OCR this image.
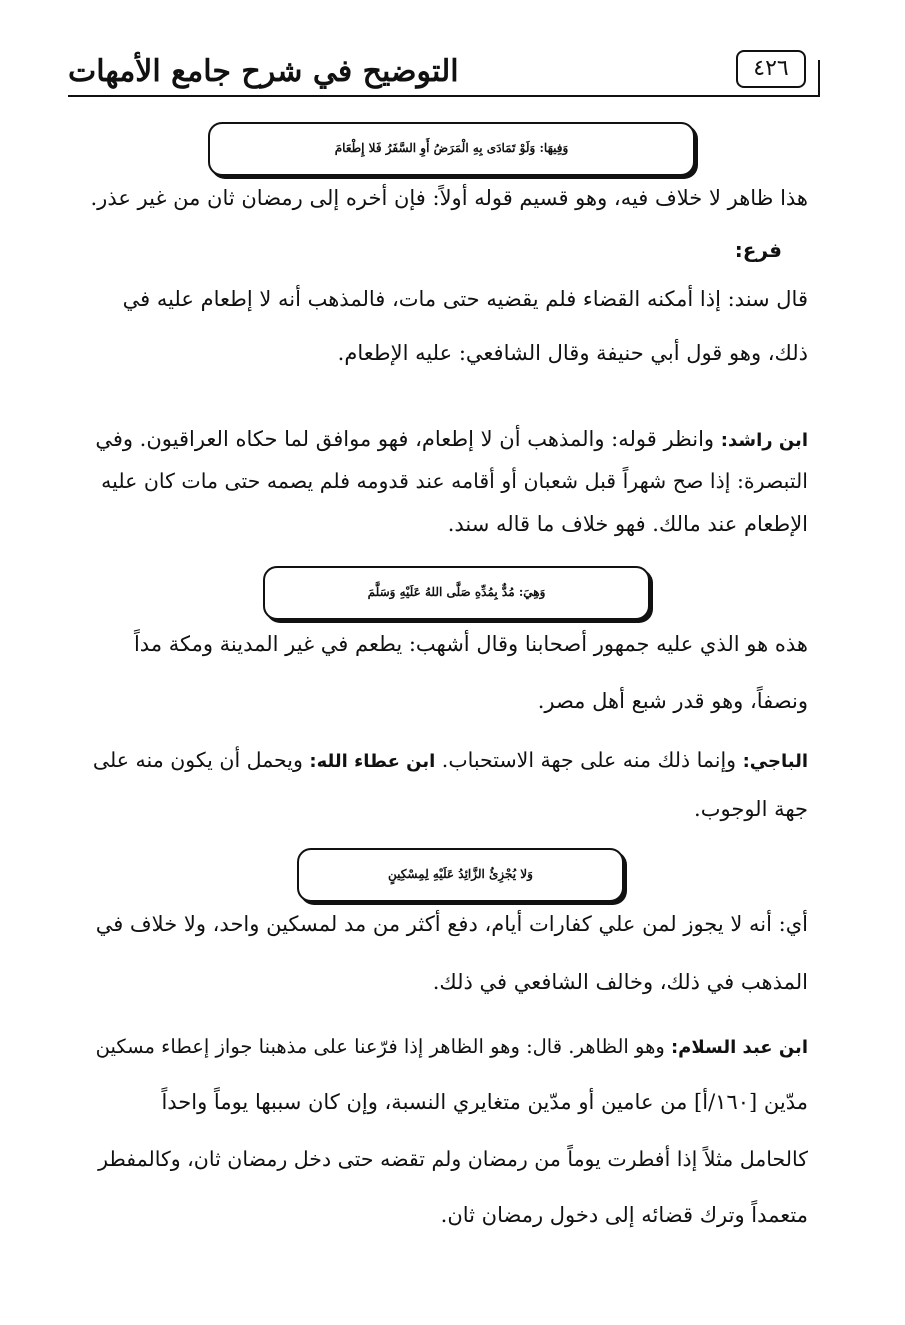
التوضيح في شرح جامع الأمهات	٤٢٦
وَفِيهَا: وَلَوْ تَمَادَى بِهِ الْمَرَضُ أَوِ السَّفَرُ فَلا إِطْعَامَ
هذا ظاهر لا خلاف فيه، وهو قسيم قوله أولاً: فإن أخره إلى رمضان ثان من غير عذر.
فرع:
قال سند: إذا أمكنه القضاء فلم يقضيه حتى مات، فالمذهب أنه لا إطعام عليه في
ذلك، وهو قول أبي حنيفة وقال الشافعي: عليه الإطعام.
ابن راشد: وانظر قوله: والمذهب أن لا إطعام، فهو موافق لما حكاه العراقيون. وفي
التبصرة: إذا صح شهراً قبل شعبان أو أقامه عند قدومه فلم يصمه حتى مات كان عليه
الإطعام عند مالك. فهو خلاف ما قاله سند.
وَهِيَ: مُدٌّ بِمُدِّهِ صَلَّى اللهُ عَلَيْهِ وَسَلَّمَ
هذه هو الذي عليه جمهور أصحابنا وقال أشهب: يطعم في غير المدينة ومكة مداً
ونصفاً، وهو قدر شبع أهل مصر.
الباجي: وإنما ذلك منه على جهة الاستحباب. ابن عطاء الله: ويحمل أن يكون منه على
جهة الوجوب.
وَلا يُجْزِئُ الزَّائِدُ عَلَيْهِ لِمِسْكِينٍ
أي: أنه لا يجوز لمن علي كفارات أيام، دفع أكثر من مد لمسكين واحد، ولا خلاف في
المذهب في ذلك، وخالف الشافعي في ذلك.
ابن عبد السلام: وهو الظاهر. قال: وهو الظاهر إذا فرّعنا على مذهبنا جواز إعطاء مسكين
مدّين [١٦٠/أ] من عامين أو مدّين متغايري النسبة، وإن كان سببها يوماً واحداً
كالحامل مثلاً إذا أفطرت يوماً من رمضان ولم تقضه حتى دخل رمضان ثان، وكالمفطر
متعمداً وترك قضائه إلى دخول رمضان ثان.
